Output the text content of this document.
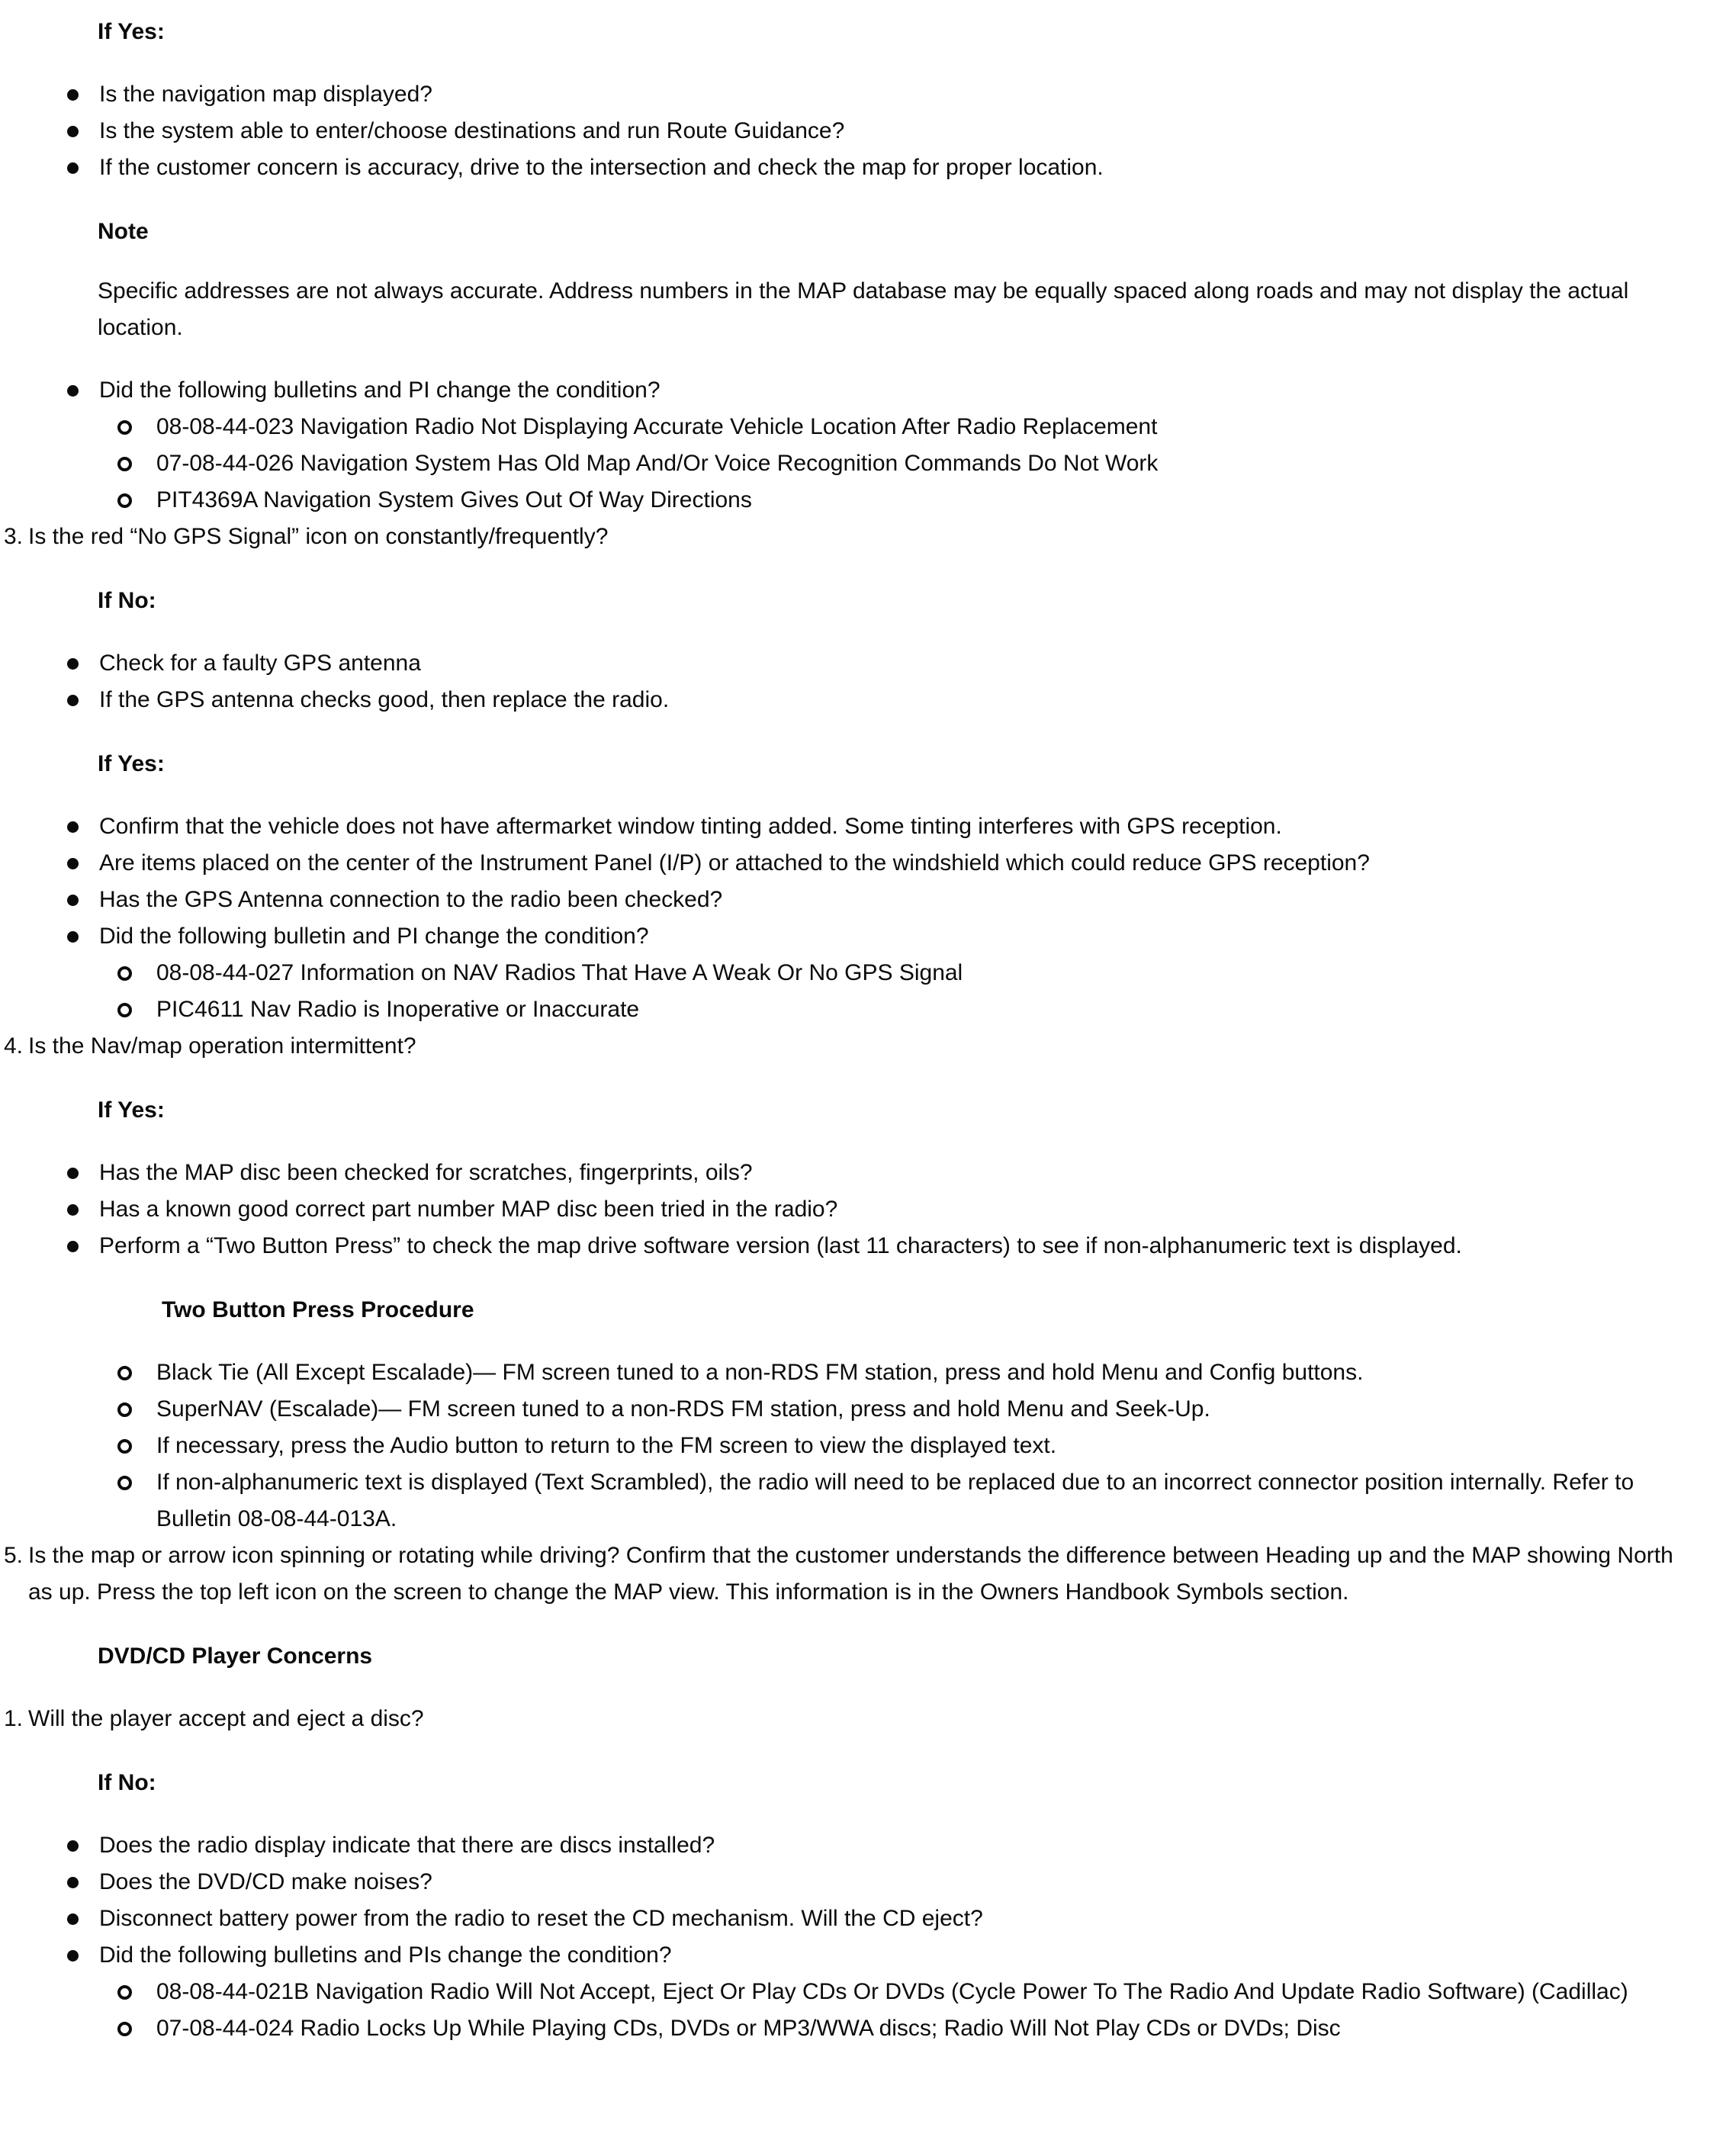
If Yes:
Is the navigation map displayed?
Is the system able to enter/choose destinations and run Route Guidance?
If the customer concern is accuracy, drive to the intersection and check the map for proper location.
Note
Specific addresses are not always accurate. Address numbers in the MAP database may be equally spaced along roads and may not display the actual location.
Did the following bulletins and PI change the condition?
08-08-44-023 Navigation Radio Not Displaying Accurate Vehicle Location After Radio Replacement
07-08-44-026 Navigation System Has Old Map And/Or Voice Recognition Commands Do Not Work
PIT4369A Navigation System Gives Out Of Way Directions
3. Is the red “No GPS Signal” icon on constantly/frequently?
If No:
Check for a faulty GPS antenna
If the GPS antenna checks good, then replace the radio.
If Yes:
Confirm that the vehicle does not have aftermarket window tinting added. Some tinting interferes with GPS reception.
Are items placed on the center of the Instrument Panel (I/P) or attached to the windshield which could reduce GPS reception?
Has the GPS Antenna connection to the radio been checked?
Did the following bulletin and PI change the condition?
08-08-44-027 Information on NAV Radios That Have A Weak Or No GPS Signal
PIC4611 Nav Radio is Inoperative or Inaccurate
4. Is the Nav/map operation intermittent?
If Yes:
Has the MAP disc been checked for scratches, fingerprints, oils?
Has a known good correct part number MAP disc been tried in the radio?
Perform a “Two Button Press” to check the map drive software version (last 11 characters) to see if non-alphanumeric text is displayed.
Two Button Press Procedure
Black Tie (All Except Escalade)— FM screen tuned to a non-RDS FM station, press and hold Menu and Config buttons.
SuperNAV (Escalade)— FM screen tuned to a non-RDS FM station, press and hold Menu and Seek-Up.
If necessary, press the Audio button to return to the FM screen to view the displayed text.
If non-alphanumeric text is displayed (Text Scrambled), the radio will need to be replaced due to an incorrect connector position internally. Refer to Bulletin 08-08-44-013A.
5. Is the map or arrow icon spinning or rotating while driving? Confirm that the customer understands the difference between Heading up and the MAP showing North as up. Press the top left icon on the screen to change the MAP view. This information is in the Owners Handbook Symbols section.
DVD/CD Player Concerns
1. Will the player accept and eject a disc?
If No:
Does the radio display indicate that there are discs installed?
Does the DVD/CD make noises?
Disconnect battery power from the radio to reset the CD mechanism. Will the CD eject?
Did the following bulletins and PIs change the condition?
08-08-44-021B Navigation Radio Will Not Accept, Eject Or Play CDs Or DVDs (Cycle Power To The Radio And Update Radio Software) (Cadillac)
07-08-44-024 Radio Locks Up While Playing CDs, DVDs or MP3/WWA discs; Radio Will Not Play CDs or DVDs; Disc
